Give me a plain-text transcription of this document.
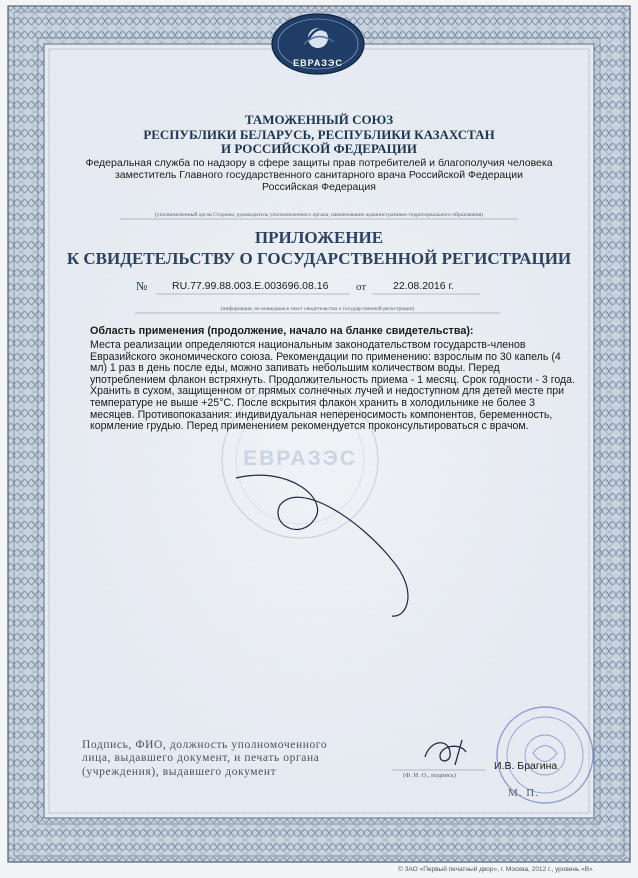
ЕВРАЗЭС
ТАМОЖЕННЫЙ СОЮЗ
РЕСПУБЛИКИ БЕЛАРУСЬ, РЕСПУБЛИКИ КАЗАХСТАН
И РОССИЙСКОЙ ФЕДЕРАЦИИ
Федеральная служба по надзору в сфере защиты прав потребителей и благополучия человека
заместитель Главного государственного санитарного врача Российской Федерации
Российская Федерация
(уполномоченный орган Стороны, руководитель уполномоченного органа, наименование административно-территориального образования)
ПРИЛОЖЕНИЕ
К СВИДЕТЕЛЬСТВУ О ГОСУДАРСТВЕННОЙ РЕГИСТРАЦИИ
№ RU.77.99.88.003.Е.003696.08.16	от	22.08.2016 г.
(информация, не вошедшая в текст свидетельства о государственной регистрации)
Область применения (продолжение, начало на бланке свидетельства):
Места реализации определяются национальным законодательством государств-членов
Евразийского экономического союза. Рекомендации по применению: взрослым по 30 капель (4
мл) 1 раз в день после еды, можно запивать небольшим количеством воды. Перед
употреблением флакон встряхнуть. Продолжительность приема - 1 месяц. Срок годности - 3 года.
Хранить в сухом, защищенном от прямых солнечных лучей и недоступном для детей месте при
температуре не выше +25°С. После вскрытия флакон хранить в холодильнике не более 3
месяцев. Противопоказания: индивидуальная непереносимость компонентов, беременность,
кормление грудью. Перед применением рекомендуется проконсультироваться с врачом.
ЕВРАЗЭС
Подпись, ФИО, должность уполномоченного
лица, выдавшего документ, и печать органа
(учреждения), выдавшего документ	И.В. Брагина
(Ф. И. О., подпись)
М. П.
© ЗАО «Первый печатный двор», г. Москва, 2012 г., уровень «В»
